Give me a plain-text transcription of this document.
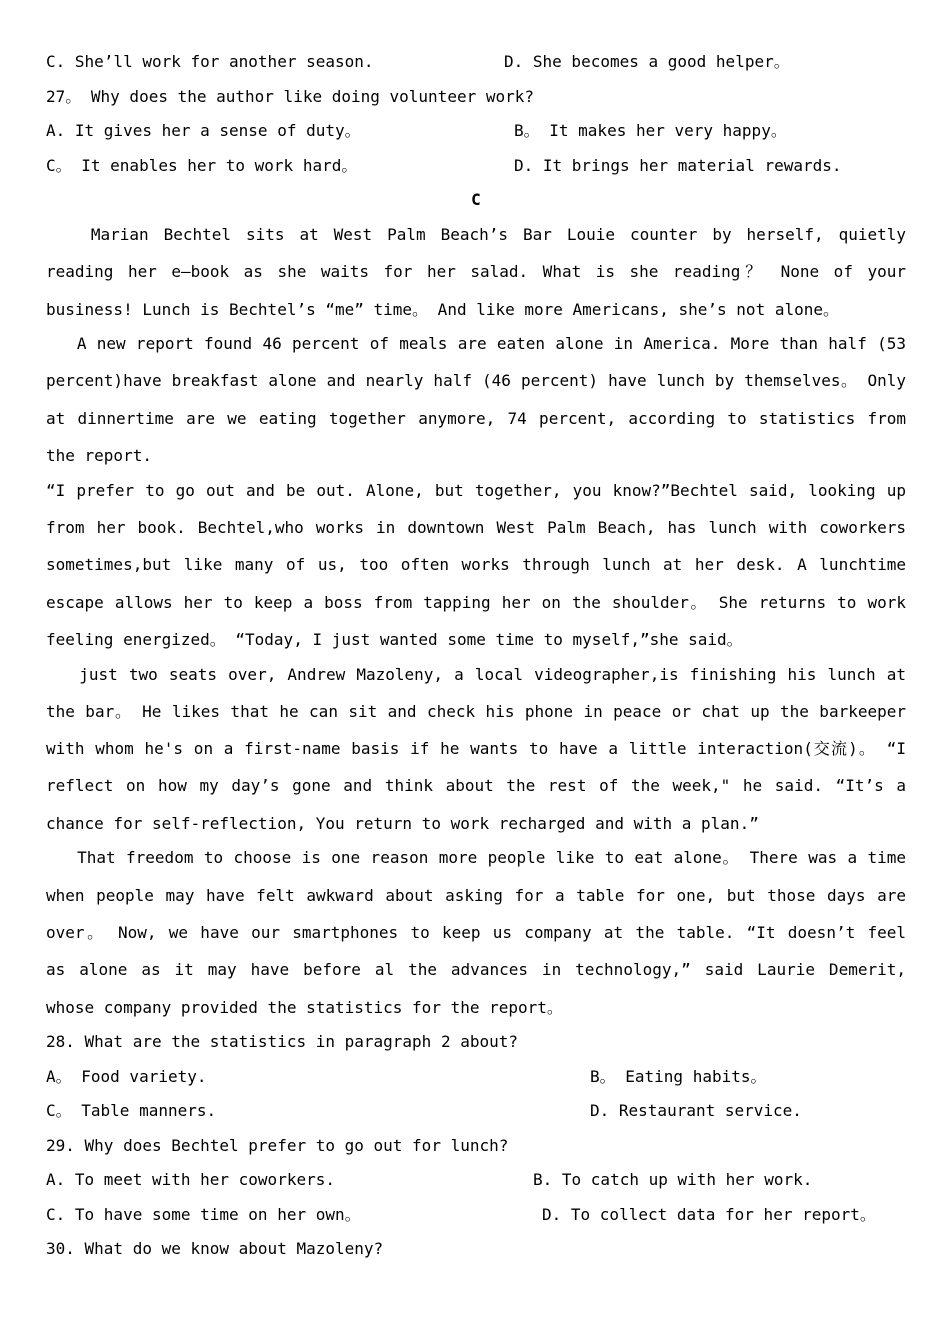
C. She’ll work for another season.	D. She becomes a good helper。
27。 Why does the author like doing volunteer work?
A. It gives her a sense of duty。	B。 It makes her very happy。
C。 It enables her to work hard。	D. It brings her material rewards.
C
Marian Bechtel sits at West Palm Beach’s Bar Louie counter by herself, quietly
reading her e—book as she waits for her salad. What is she reading？ None of your
business! Lunch is Bechtel’s “me” time。 And like more Americans, she’s not alone。
A new report found 46 percent of meals are eaten alone in America. More than half (53
percent)have breakfast alone and nearly half (46 percent) have lunch by themselves。 Only
at dinnertime are we eating together anymore, 74 percent, according to statistics from
the report.
“I prefer to go out and be out. Alone, but together, you know?”Bechtel said, looking up
from her book. Bechtel,who works in downtown West Palm Beach, has lunch with coworkers
sometimes,but like many of us, too often works through lunch at her desk. A lunchtime
escape allows her to keep a boss from tapping her on the shoulder。 She returns to work
feeling energized。 “Today, I just wanted some time to myself,”she said。
just two seats over, Andrew Mazoleny, a local videographer,is finishing his lunch at
the bar。 He likes that he can sit and check his phone in peace or chat up the barkeeper
with whom he's on a first-name basis if he wants to have a little interaction(交流)。 “I
reflect on how my day’s gone and think about the rest of the week," he said. “It’s a
chance for self-reflection, You return to work recharged and with a plan.”
That freedom to choose is one reason more people like to eat alone。 There was a time
when people may have felt awkward about asking for a table for one, but those days are
over。 Now, we have our smartphones to keep us company at the table. “It doesn’t feel
as alone as it may have before al the advances in technology,” said Laurie Demerit,
whose company provided the statistics for the report。
28. What are the statistics in paragraph 2 about?
A。 Food variety.	B。 Eating habits。
C。 Table manners.	D. Restaurant service.
29. Why does Bechtel prefer to go out for lunch?
A. To meet with her coworkers.	B. To catch up with her work.
C. To have some time on her own。	D. To collect data for her report。
30. What do we know about Mazoleny?
